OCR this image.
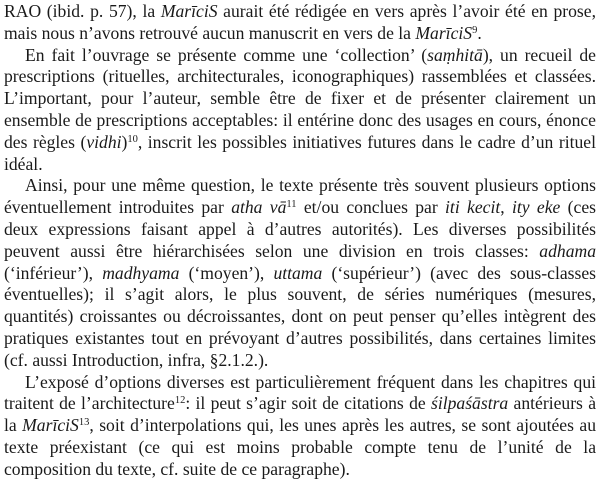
RAO (ibid. p. 57), la MarīciS aurait été rédigée en vers après l’avoir été en prose, mais nous n’avons retrouvé aucun manuscrit en vers de la MarīciS$^9$.

En fait l’ouvrage se présente comme une ‘collection’ (saṃhitā), un recueil de prescriptions (rituelles, architecturales, iconographiques) rassemblées et classées. L’important, pour l’auteur, semble être de fixer et de présenter clairement un ensemble de prescriptions acceptables: il entérine donc des usages en cours, énonce des règles (vidhi)$^{10}$, inscrit les possibles initiatives futures dans le cadre d’un rituel idéal.

Ainsi, pour une même question, le texte présente très souvent plusieurs options éventuellement introduites par atha $vā^{11}$ et/ou conclues par iti kecit, ity eke (ces deux expressions faisant appel à d’autres autorités). Les diverses possibilités peuvent aussi être hiérarchisées selon une division en trois classes: adhama (‘inférieur’), madhyama (‘moyen’), uttama (‘supérieur’) (avec des sous-classes éventuelles); il s’agit alors, le plus souvent, de séries numériques (mesures, quantités) croissantes ou décroissantes, dont on peut penser qu’elles intègrent des pratiques existantes tout en prévoyant d’autres possibilités, dans certaines limites (cf. aussi Introduction, infra, §2.1.2.).

L’exposé d’options diverses est particulièrement fréquent dans les chapitres qui traitent de l’architecture$^{12}$: il peut s’agir soit de citations de śilpaśāstra antérieurs à la MarīciS$^{13}$, soit d’interpolations qui, les unes après les autres, se sont ajoutées au texte préexistant (ce qui est moins probable compte tenu de l’unité de la composition du texte, cf. suite de ce paragraphe).
